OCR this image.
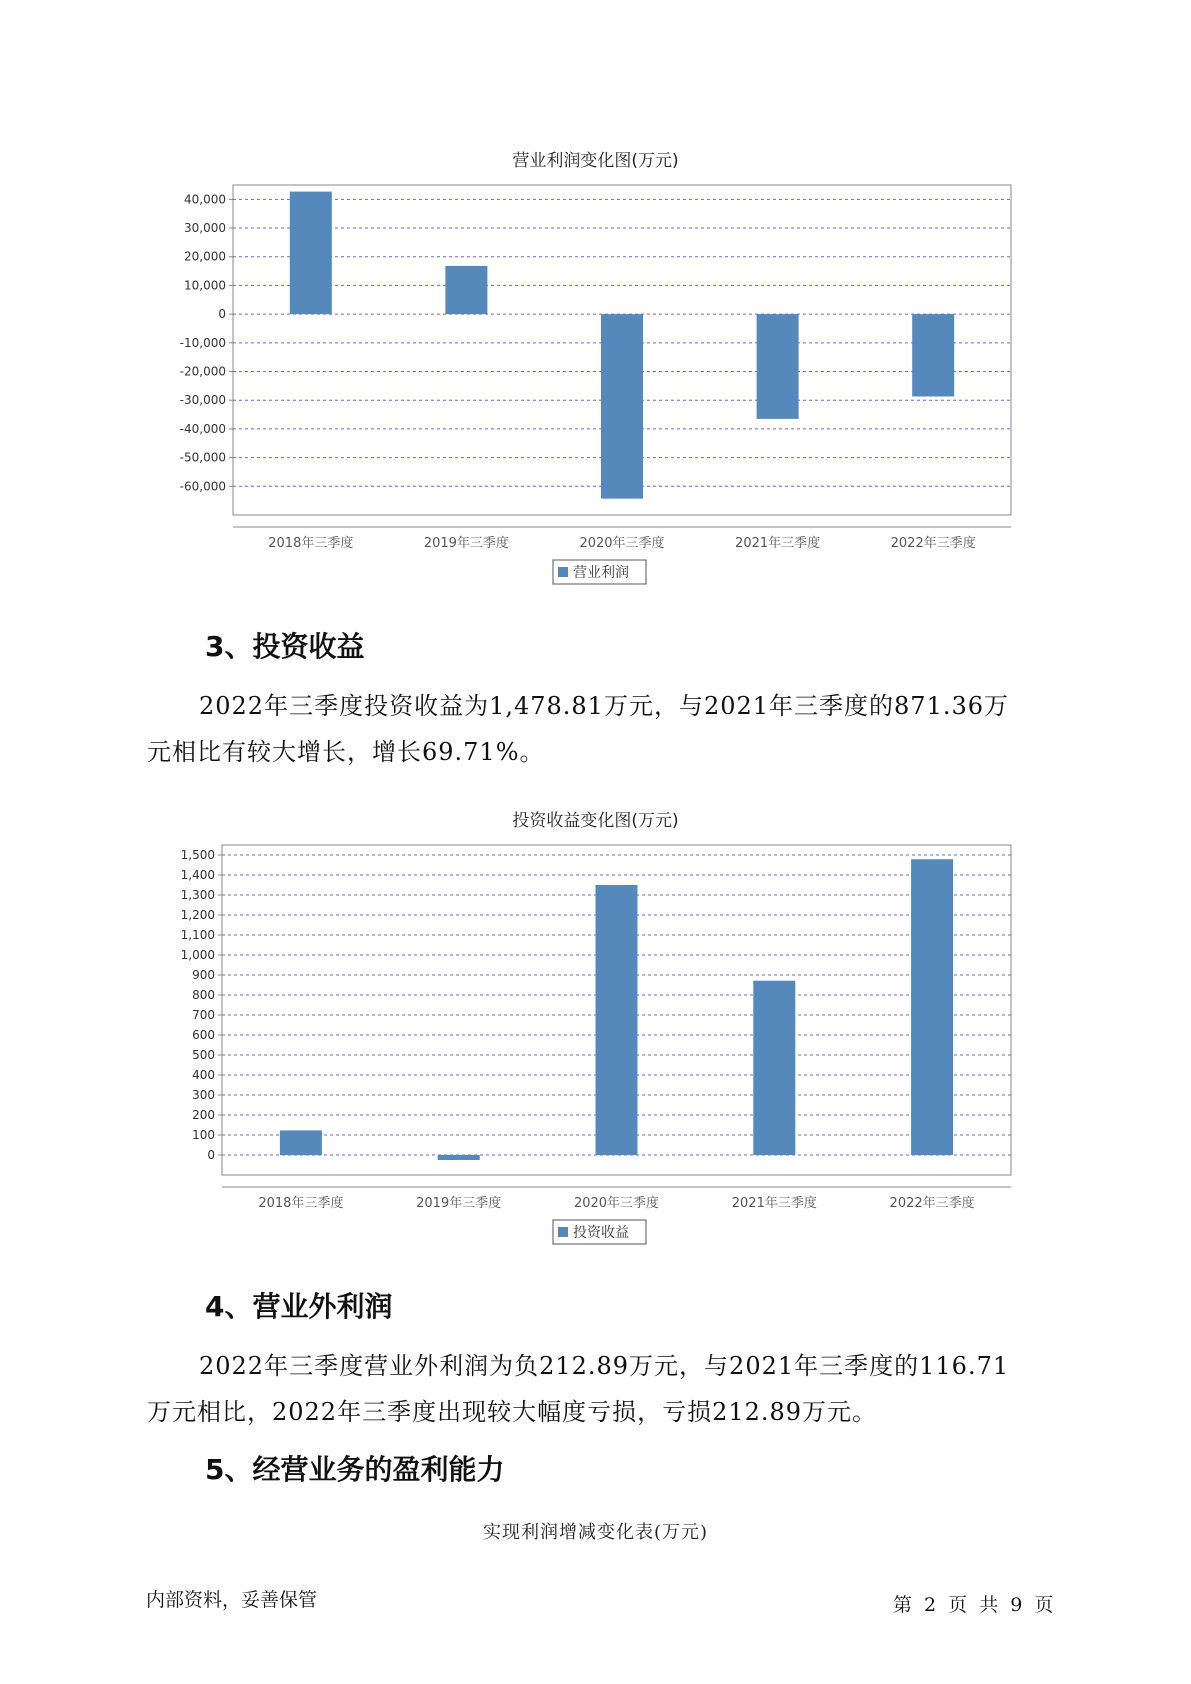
营业利润变化图(万元)
40,000
30,000
20,000
10,000
0
-10,000
-20,000
-30,000
-40,000
-50,000
-60,000
2018年三季度	2019年三季度	2020年三季度	2021年三季度	2022年三季度
营业利润
3、投资收益
2022年三季度投资收益为1,478.81万元，与2021年三季度的871.36万
元相比有较大增长，增长69.71%。
投资收益变化图(万元)
1,500
1,400
1,300
1,200
1,100
1,000
900
800
700
600
500
400
300
200
100
0
2018年三季度	2019年三季度	2020年三季度	2021年三季度	2022年三季度
投资收益
4、营业外利润
2022年三季度营业外利润为负212.89万元，与2021年三季度的116.71
万元相比，2022年三季度出现较大幅度亏损，亏损212.89万元。
5、经营业务的盈利能力
实现利润增减变化表(万元)
内部资料，妥善保管	第 2 页 共 9 页
